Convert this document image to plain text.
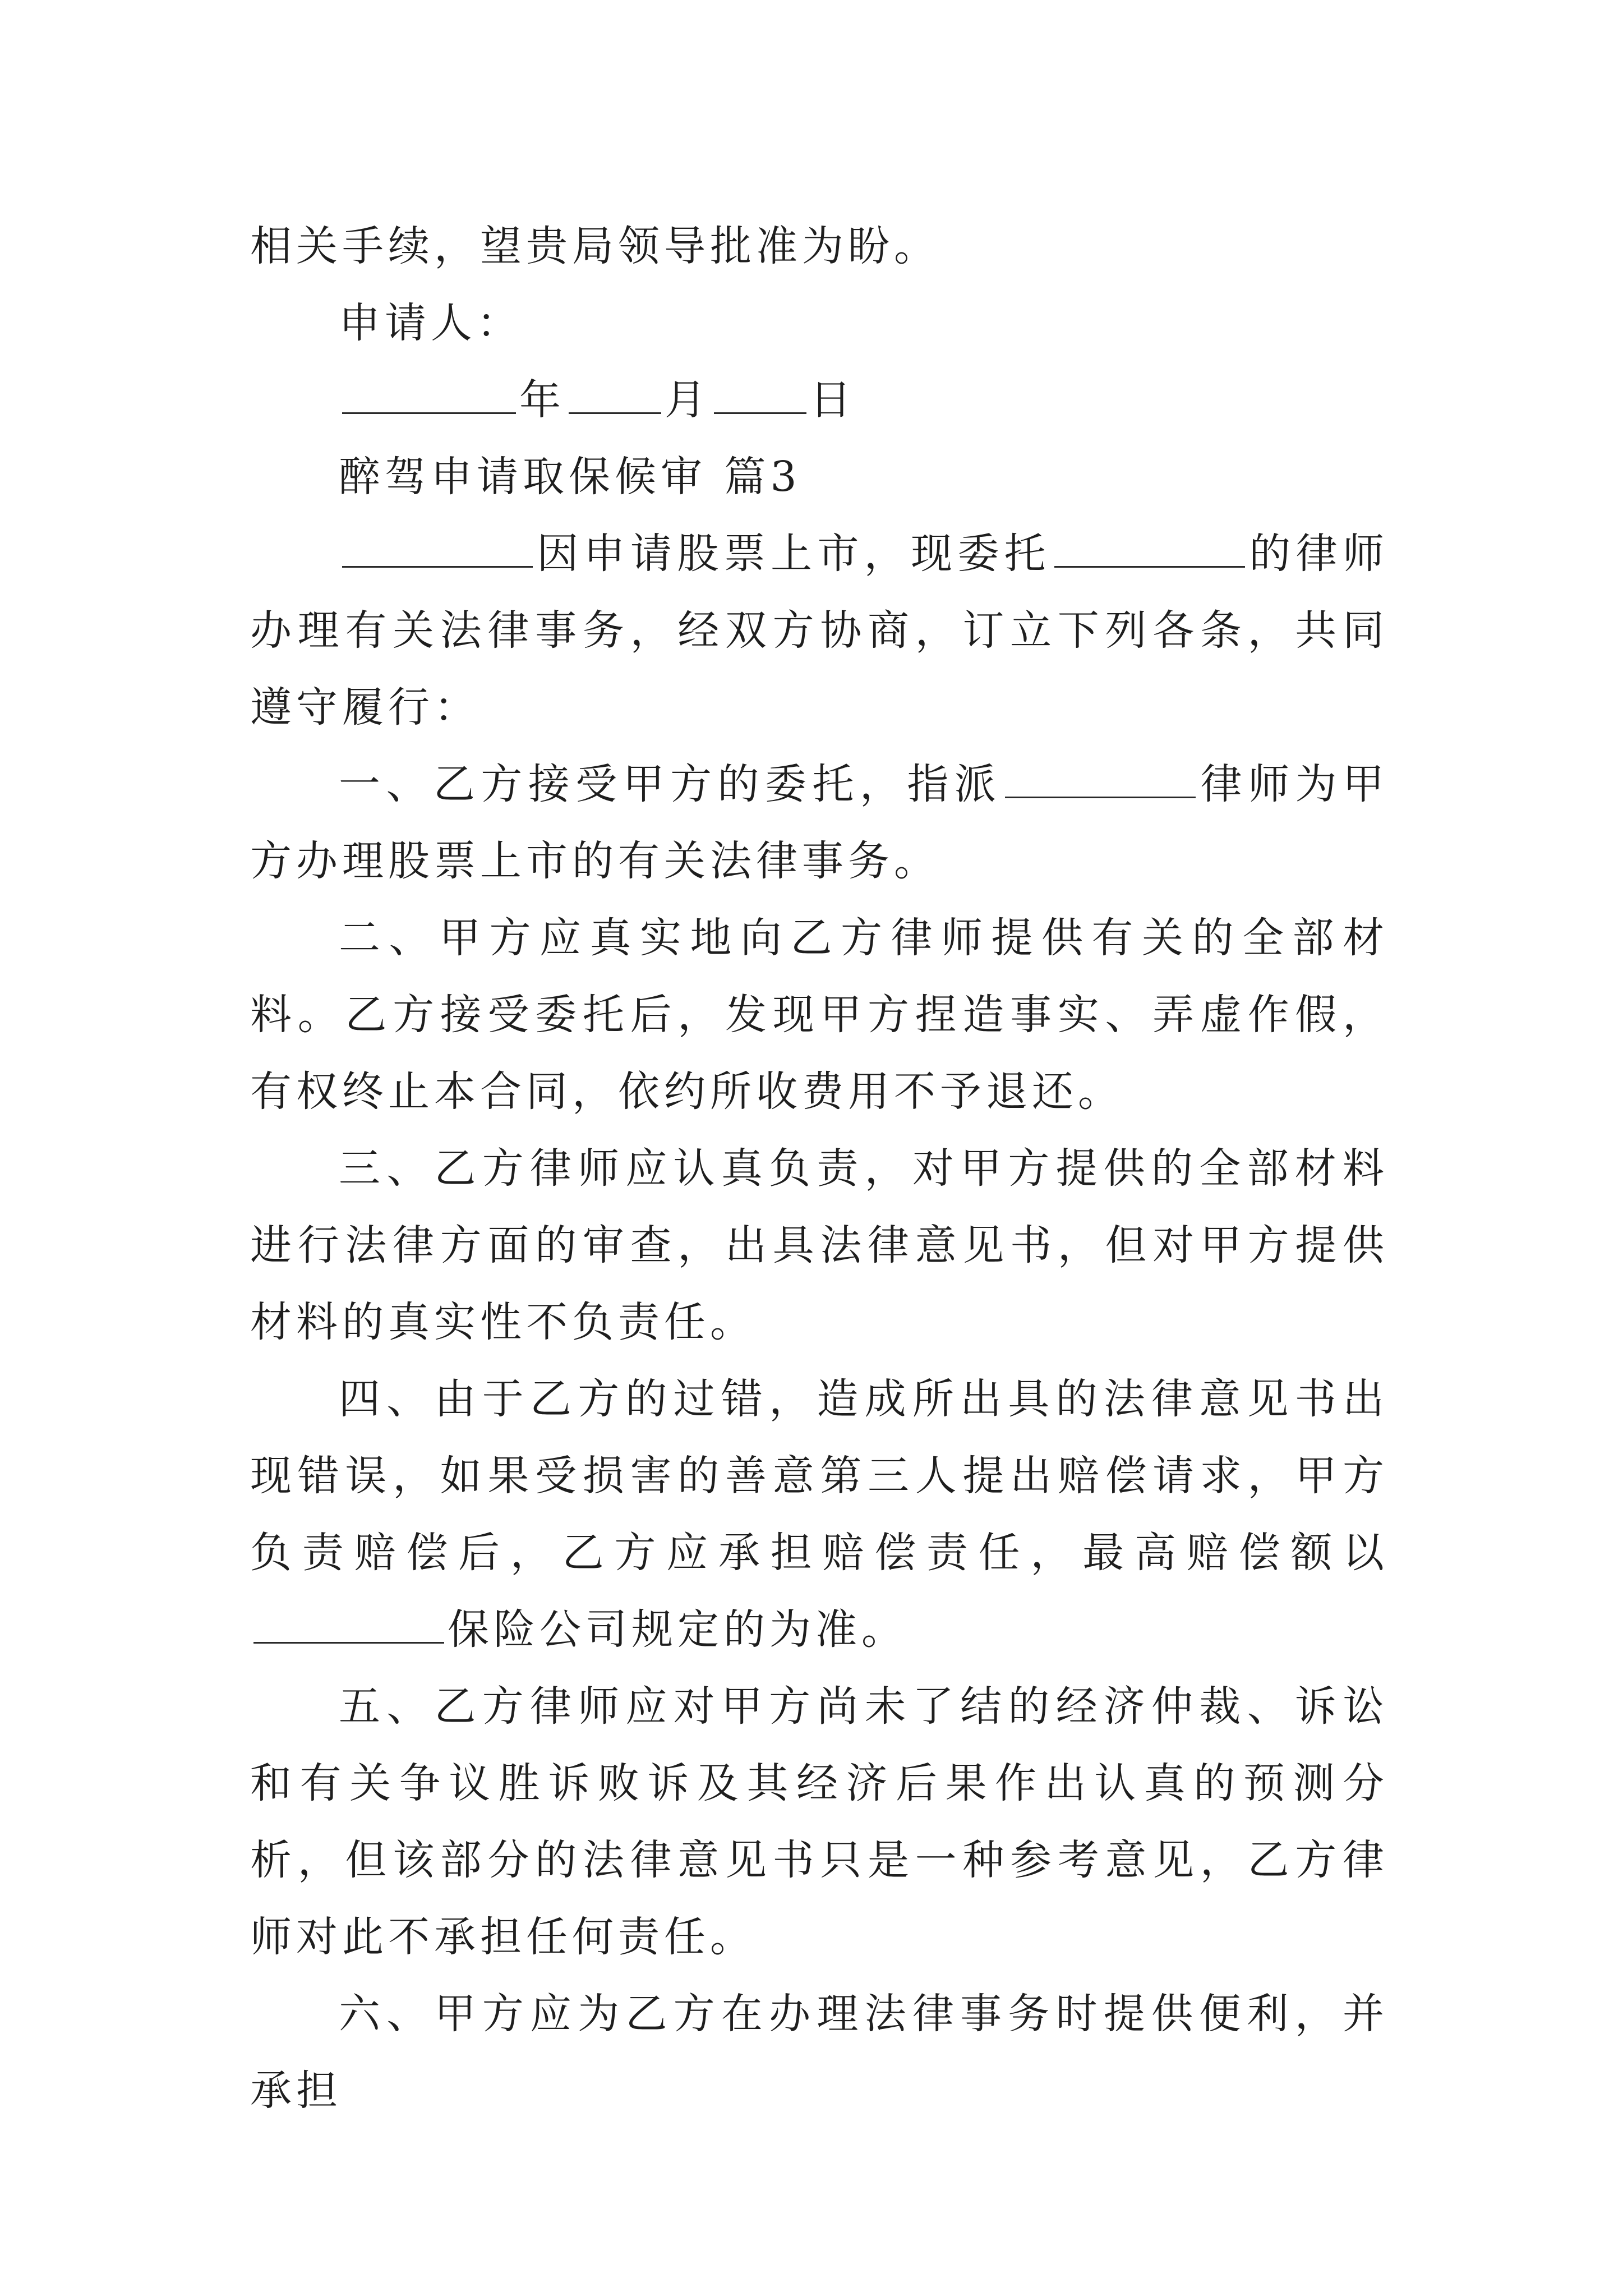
相关手续，望贵局领导批准为盼。

申请人：

年 月 日

醉驾申请取保候审 篇3

因申请股票上市，现委托	的律师办理有关法律事务，经双方协商，订立下列各条，共同遵守履行：

一、乙方接受甲方的委托，指派	律师为甲方办理股票上市的有关法律事务。

二、甲方应真实地向乙方律师提供有关的全部材料。乙方接受委托后，发现甲方捏造事实、弄虚作假，有权终止本合同，依约所收费用不予退还。

三、乙方律师应认真负责，对甲方提供的全部材料进行法律方面的审查，出具法律意见书，但对甲方提供材料的真实性不负责任。

四、由于乙方的过错，造成所出具的法律意见书出现错误，如果受损害的善意第三人提出赔偿请求，甲方负责赔偿后，乙方应承担赔偿责任，最高赔偿额以保险公司规定的为准。

五、乙方律师应对甲方尚未了结的经济仲裁、诉讼和有关争议胜诉败诉及其经济后果作出认真的预测分析，但该部分的法律意见书只是一种参考意见，乙方律师对此不承担任何责任。

六、甲方应为乙方在办理法律事务时提供便利，并承担
